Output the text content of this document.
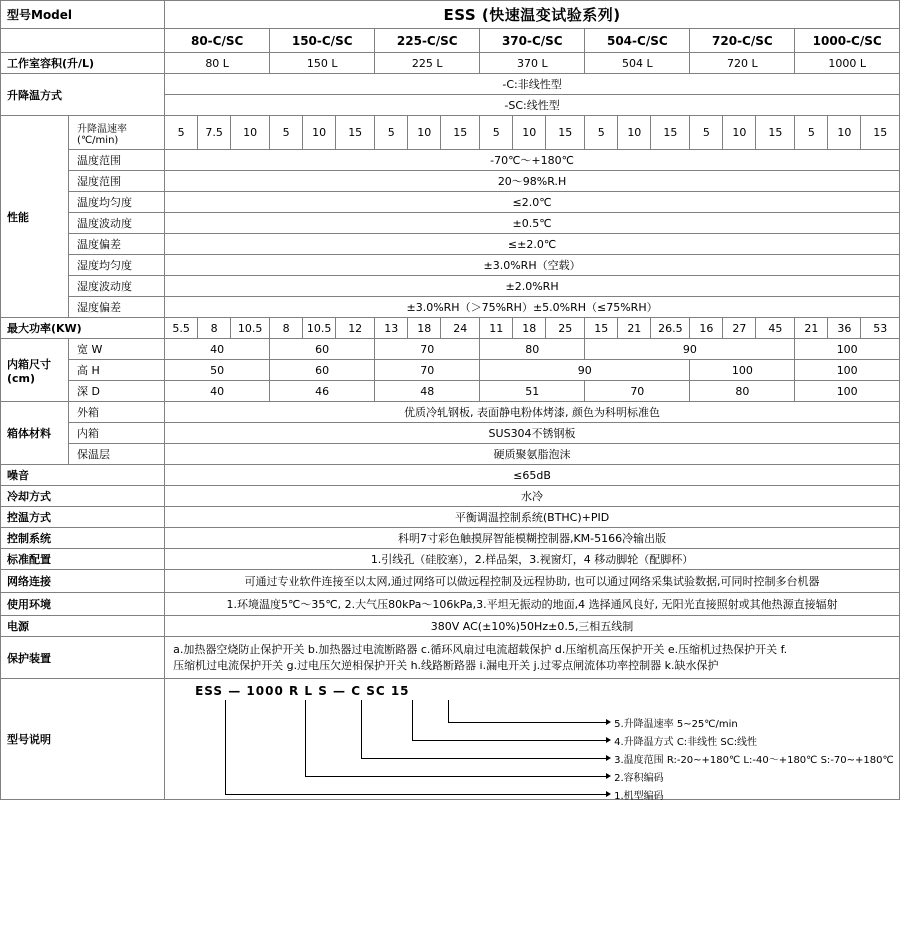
型号Model		ESS (快速温变试验系列)																				
		80-C/SC			150-C/SC			225-C/SC			370-C/SC			504-C/SC			720-C/SC			1000-C/SC		
工作室容积(升/L)		80 L			150 L			225 L			370 L			504 L			720 L			1000 L		
升降温方式		-C:非线性型																				
		-SC:线性型																				
性能	升降温速率 (℃/min)	5	7.5	10	5	10	15	5	10	15	5	10	15	5	10	15	5	10	15	5	10	15
	温度范围	-70℃～+180℃																				
	湿度范围	20～98%R.H																				
	温度均匀度	≤2.0℃																				
	温度波动度	±0.5℃																				
	温度偏差	≤±2.0℃																				
	湿度均匀度	±3.0%RH（空载）																				
	湿度波动度	±2.0%RH																				
	湿度偏差	±3.0%RH（＞75%RH）±5.0%RH（≤75%RH）																				
最大功率(KW)		5.5	8	10.5	8	10.5	12	13	18	24	11	18	25	15	21	26.5	16	27	45	21	36	53
内箱尺寸 (cm)	宽 W	40			60			70			80			90						100		
	高 H	50			60			70			90						100			100		
	深 D	40			46			48			51			70			80			100		
箱体材料	外箱	优质冷轧钢板, 表面静电粉体烤漆, 颜色为科明标准色																				
	内箱	SUS304不锈钢板																				
	保温层	硬质聚氨脂泡沫																				
噪音		≤65dB																				
冷却方式		水冷																				
控温方式		平衡调温控制系统(BTHC)+PID																				
控制系统		科明7寸彩色触摸屏智能模糊控制器,KM-5166冷输出版																				
标准配置		1.引线孔（硅胶塞），2.样品架，3.视窗灯，4 移动脚轮（配脚杯）																				
网络连接		可通过专业软件连接至以太网,通过网络可以做远程控制及远程协助, 也可以通过网络采集试验数据,可同时控制多台机器																				
使用环境		1.环境温度5℃～35℃, 2.大气压80kPa～106kPa,3.平坦无振动的地面,4 选择通风良好, 无阳光直接照射或其他热源直接辐射																				
电源		380V AC(±10%)50Hz±0.5,三相五线制																				
保护装置		a.加热器空烧防止保护开关 b.加热器过电流断路器 c.循环风扇过电流超载保护 d.压缩机高压保护开关 e.压缩机过热保护开关 f.
压缩机过电流保护开关 g.过电压欠逆相保护开关 h.线路断路器 i.漏电开关 j.过零点闸流体功率控制器 k.缺水保护																				

型号说明	
ESS — 1000 R L S — C SC 15
5.升降温速率 5~25℃/min
4.升降温方式 C:非线性 SC:线性
3.温度范围 R:-20~+180℃ L:-40～+180℃ S:-70~+180℃
2.容积编码
1.机型编码
